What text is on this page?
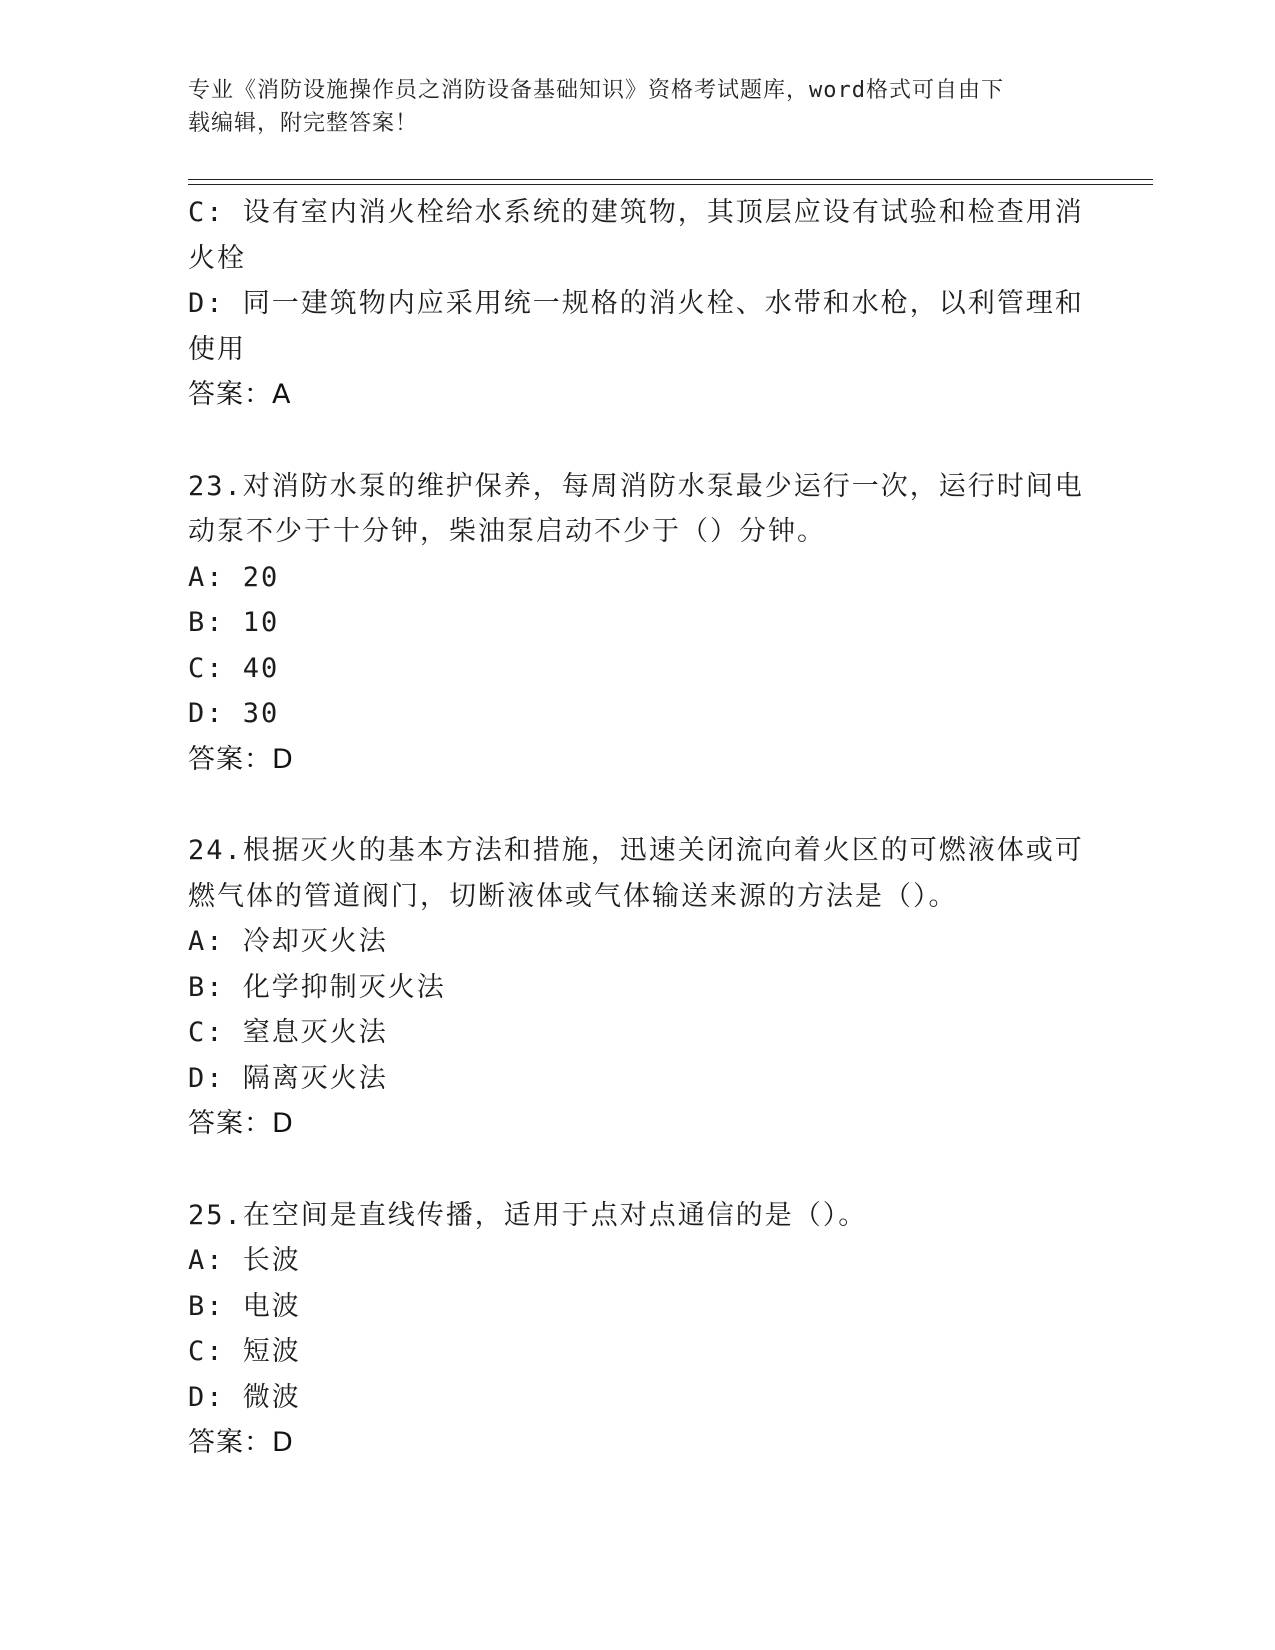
专业《消防设施操作员之消防设备基础知识》资格考试题库，word格式可自由下
载编辑，附完整答案！
C: 设有室内消火栓给水系统的建筑物，其顶层应设有试验和检查用消
火栓
D: 同一建筑物内应采用统一规格的消火栓、水带和水枪，以利管理和
使用
答案：A
23.对消防水泵的维护保养，每周消防水泵最少运行一次，运行时间电
动泵不少于十分钟，柴油泵启动不少于（）分钟。
A: 20
B: 10
C: 40
D: 30
答案：D
24.根据灭火的基本方法和措施，迅速关闭流向着火区的可燃液体或可
燃气体的管道阀门，切断液体或气体输送来源的方法是（）。
A: 冷却灭火法
B: 化学抑制灭火法
C: 窒息灭火法
D: 隔离灭火法
答案：D
25.在空间是直线传播，适用于点对点通信的是（）。
A: 长波
B: 电波
C: 短波
D: 微波
答案：D
